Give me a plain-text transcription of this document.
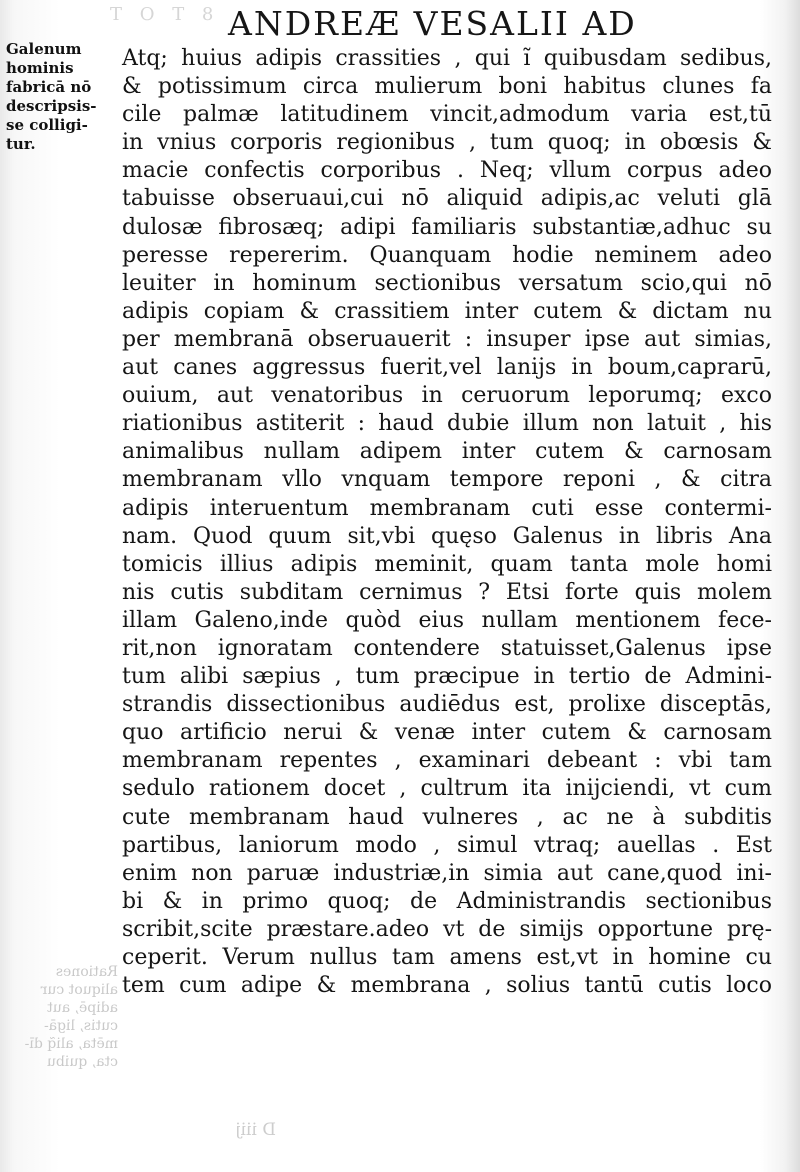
T O T 8 ANDREÆ VESALII AD
Galenum
hominis
fabricā nō
descripsis-
se colligi-
tur.
Atq; huius adipis crassities , qui ĩ quibusdam sedibus,
& potissimum circa mulierum boni habitus clunes fa
cile palmæ latitudinem vincit,admodum varia est,tū
in vnius corporis regionibus , tum quoq; in obœsis &
macie confectis corporibus . Neq; vllum corpus adeo
tabuisse obseruaui,cui nō aliquid adipis,ac veluti glā
dulosæ fibrosæq; adipi familiaris substantiæ,adhuc su
peresse repererim. Quanquam hodie neminem adeo
leuiter in hominum sectionibus versatum scio,qui nō
adipis copiam & crassitiem inter cutem & dictam nu
per membranā obseruauerit : insuper ipse aut simias,
aut canes aggressus fuerit,vel lanijs in boum,caprarū,
ouium, aut venatoribus in ceruorum leporumq; exco
riationibus astiterit : haud dubie illum non latuit , his
animalibus nullam adipem inter cutem & carnosam
membranam vllo vnquam tempore reponi , & citra
adipis interuentum membranam cuti esse contermi-
nam. Quod quum sit,vbi quęso Galenus in libris Ana
tomicis illius adipis meminit, quam tanta mole homi
nis cutis subditam cernimus ? Etsi forte quis molem
illam Galeno,inde quòd eius nullam mentionem fece-
rit,non ignoratam contendere statuisset,Galenus ipse
tum alibi sæpius , tum præcipue in tertio de Admini-
strandis dissectionibus audiēdus est, prolixe disceptās,
quo artificio nerui & venæ inter cutem & carnosam
membranam repentes , examinari debeant : vbi tam
sedulo rationem docet , cultrum ita inijciendi, vt cum
cute membranam haud vulneres , ac ne à subditis
partibus, laniorum modo , simul vtraq; auellas . Est
enim non paruæ industriæ,in simia aut cane,quod ini-
bi & in primo quoq; de Administrandis sectionibus
scribit,scite præstare.adeo vt de simijs opportune prę-
ceperit. Verum nullus tam amens est,vt in homine cu
tem cum adipe & membrana , solius tantū cutis loco
Rationes
aliquot cur
adipē, aut
cutis, ligā-
mēta, aliq̃ dī-
cta, quibu
D iiij
